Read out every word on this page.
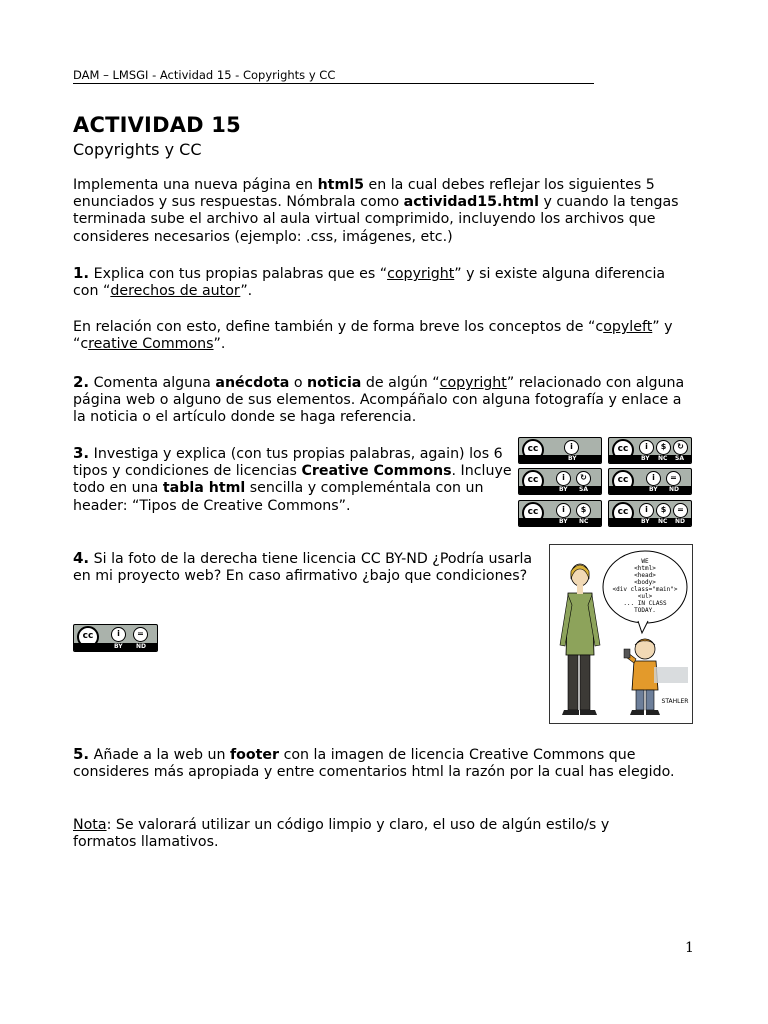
DAM – LMSGI - Actividad 15 - Copyrights y CC
ACTIVIDAD 15
Copyrights y CC
Implementa una nueva página en html5 en la cual debes reflejar los siguientes 5 enunciados y sus respuestas. Nómbrala como actividad15.html y cuando la tengas terminada sube el archivo al aula virtual comprimido, incluyendo los archivos que consideres necesarios (ejemplo: .css, imágenes, etc.)
1. Explica con tus propias palabras que es “copyright” y si existe alguna diferencia con “derechos de autor”.
En relación con esto, define también y de forma breve los conceptos de “copyleft” y “creative Commons”.
2. Comenta alguna anécdota o noticia de algún “copyright” relacionado con alguna página web o alguno de sus elementos. Acompáñalo con alguna fotografía y enlace a la noticia o el artículo donde se haga referencia.
3. Investiga y explica (con tus propias palabras, again) los 6 tipos y condiciones de licencias Creative Commons. Incluye todo en una tabla html sencilla y compleméntala con un header: “Tipos de Creative Commons”.
cc	i
BY
cc	i	$	↻
BY NC SA
cc	i	↻
BY SA
cc	i	=
BY ND
cc	i	$
BY NC
cc	i	$	=
BY NC ND
4. Si la foto de la derecha tiene licencia CC BY-ND ¿Podría usarla en mi proyecto web? En caso afirmativo ¿bajo que condiciones?
cc	i	=
BY ND
WE
<html>
<head>
<body>
<div class="main">
<ul>
... IN CLASS
TODAY.
STAHLER
5. Añade a la web un footer con la imagen de licencia Creative Commons que consideres más apropiada y entre comentarios html la razón por la cual has elegido.
Nota: Se valorará utilizar un código limpio y claro, el uso de algún estilo/s y formatos llamativos.
1
